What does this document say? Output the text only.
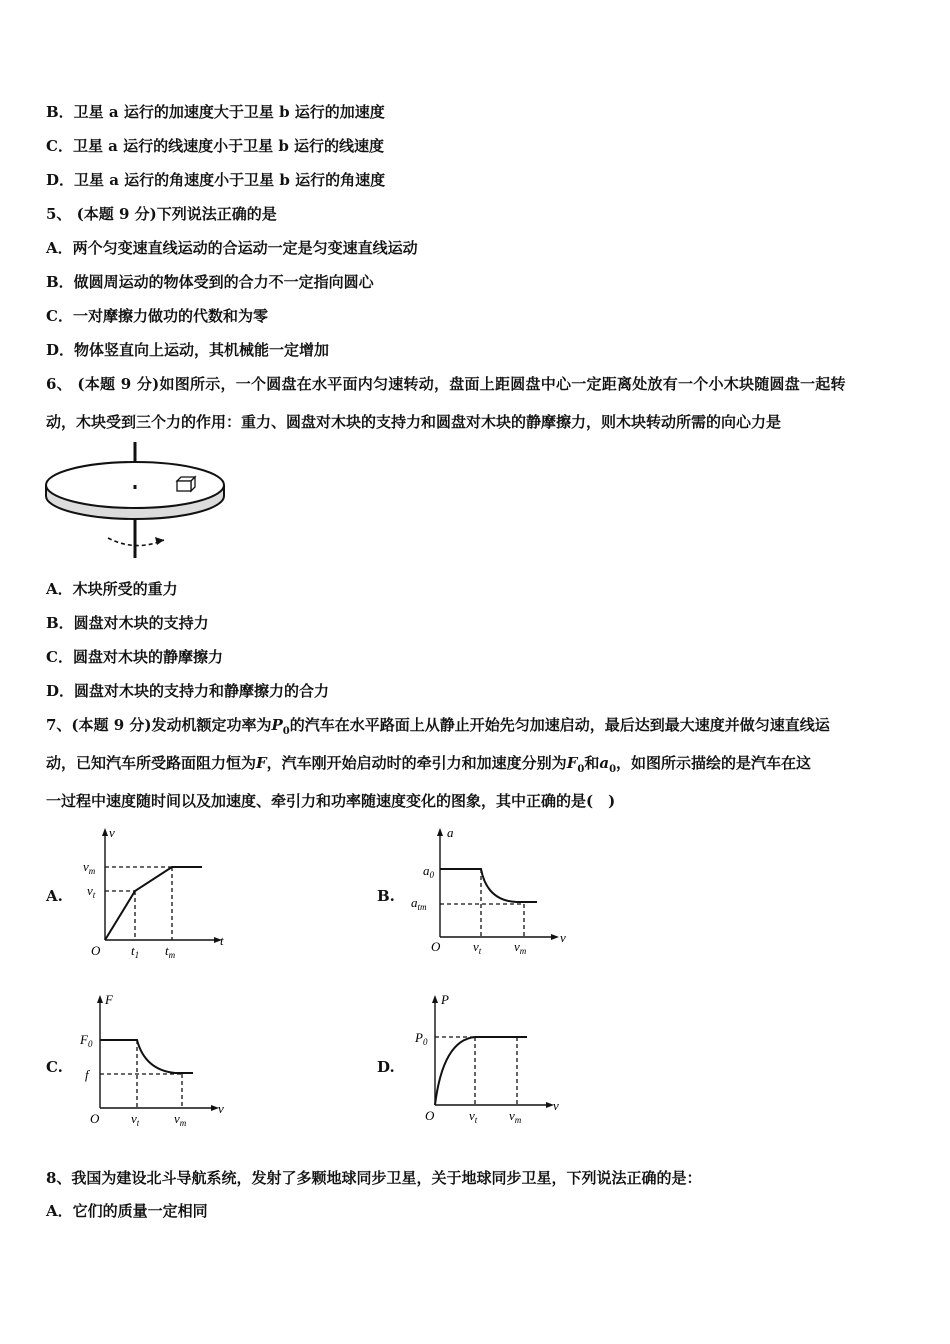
B．卫星 a 运行的加速度大于卫星 b 运行的加速度
C．卫星 a 运行的线速度小于卫星 b 运行的线速度
D．卫星 a 运行的角速度小于卫星 b 运行的角速度
5、 (本题 9 分)下列说法正确的是
A．两个匀变速直线运动的合运动一定是匀变速直线运动
B．做圆周运动的物体受到的合力不一定指向圆心
C．一对摩擦力做功的代数和为零
D．物体竖直向上运动，其机械能一定增加
6、 (本题 9 分)如图所示，一个圆盘在水平面内匀速转动，盘面上距圆盘中心一定距离处放有一个小木块随圆盘一起转
动，木块受到三个力的作用：重力、圆盘对木块的支持力和圆盘对木块的静摩擦力，则木块转动所需的向心力是
A．木块所受的重力
B．圆盘对木块的支持力
C．圆盘对木块的静摩擦力
D．圆盘对木块的支持力和静摩擦力的合力
7、(本题 9 分)发动机额定功率为$P_0$的汽车在水平路面上从静止开始先匀加速启动，最后达到最大速度并做匀速直线运
动，已知汽车所受路面阻力恒为F，汽车刚开始启动时的牵引力和加速度分别为$F_0$和$a_0$，如图所示描绘的是汽车在这
一过程中速度随时间以及加速度、牵引力和功率随速度变化的图象，其中正确的是(　)
A.	B.
C.	D.
v
t
O
$v_m$
$v_t$
$t_1$ $t_m$
a
v
O
$a_0$
$a_{tm}$
$v_t$	$v_m$
F
v
O
$F_0$
f
$v_t$	$v_m$
P
v
O
$P_0$
$v_t$ $v_m$
8、我国为建设北斗导航系统，发射了多颗地球同步卫星，关于地球同步卫星，下列说法正确的是：
A．它们的质量一定相同
